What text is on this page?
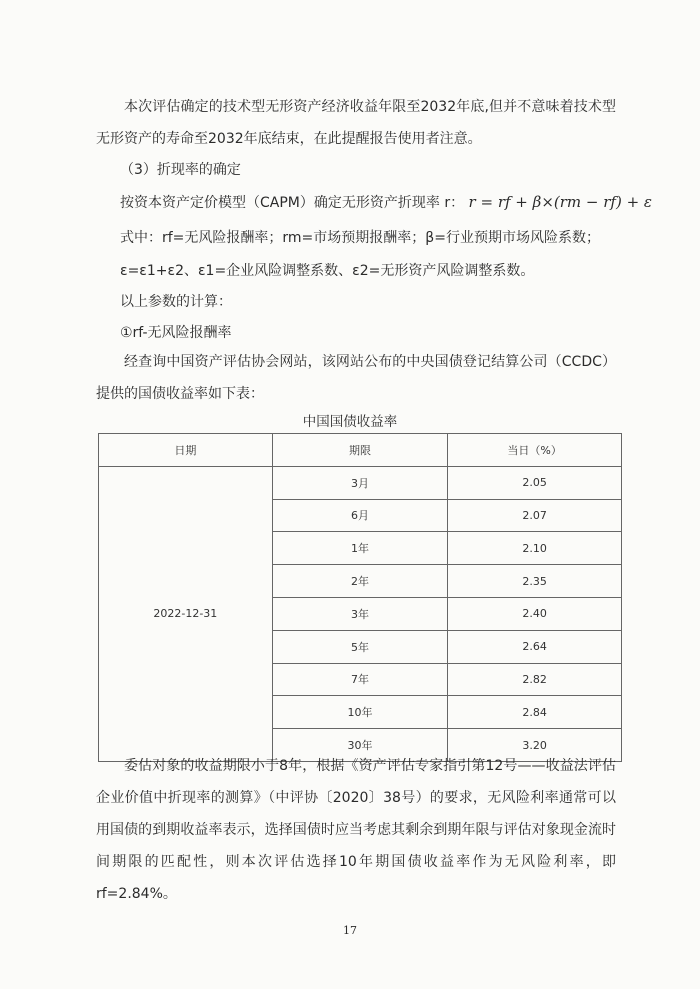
本次评估确定的技术型无形资产经济收益年限至2032年底,但并不意味着技术型无形资产的寿命至2032年底结束，在此提醒报告使用者注意。

（3）折现率的确定
按资本资产定价模型（CAPM）确定无形资产折现率 r： r = rf + β×(rm − rf) + ε
式中：rf=无风险报酬率；rm=市场预期报酬率；β=行业预期市场风险系数；
ε=ε1+ε2、ε1=企业风险调整系数、ε2=无形资产风险调整系数。
以上参数的计算：
①rf-无风险报酬率

经查询中国资产评估协会网站，该网站公布的中央国债登记结算公司（CCDC）提供的国债收益率如下表：

中国国债收益率
日期	期限	当日（%）
2022-12-31	3月	2.05
	6月	2.07
	1年	2.10
	2年	2.35
	3年	2.40
	5年	2.64
	7年	2.82
	10年	2.84
	30年	3.20

委估对象的收益期限小于8年，根据《资产评估专家指引第12号——收益法评估企业价值中折现率的测算》（中评协〔2020〕38号）的要求，无风险利率通常可以用国债的到期收益率表示，选择国债时应当考虑其剩余到期年限与评估对象现金流时间期限的匹配性，则本次评估选择10年期国债收益率作为无风险利率，即rf=2.84%。

17
